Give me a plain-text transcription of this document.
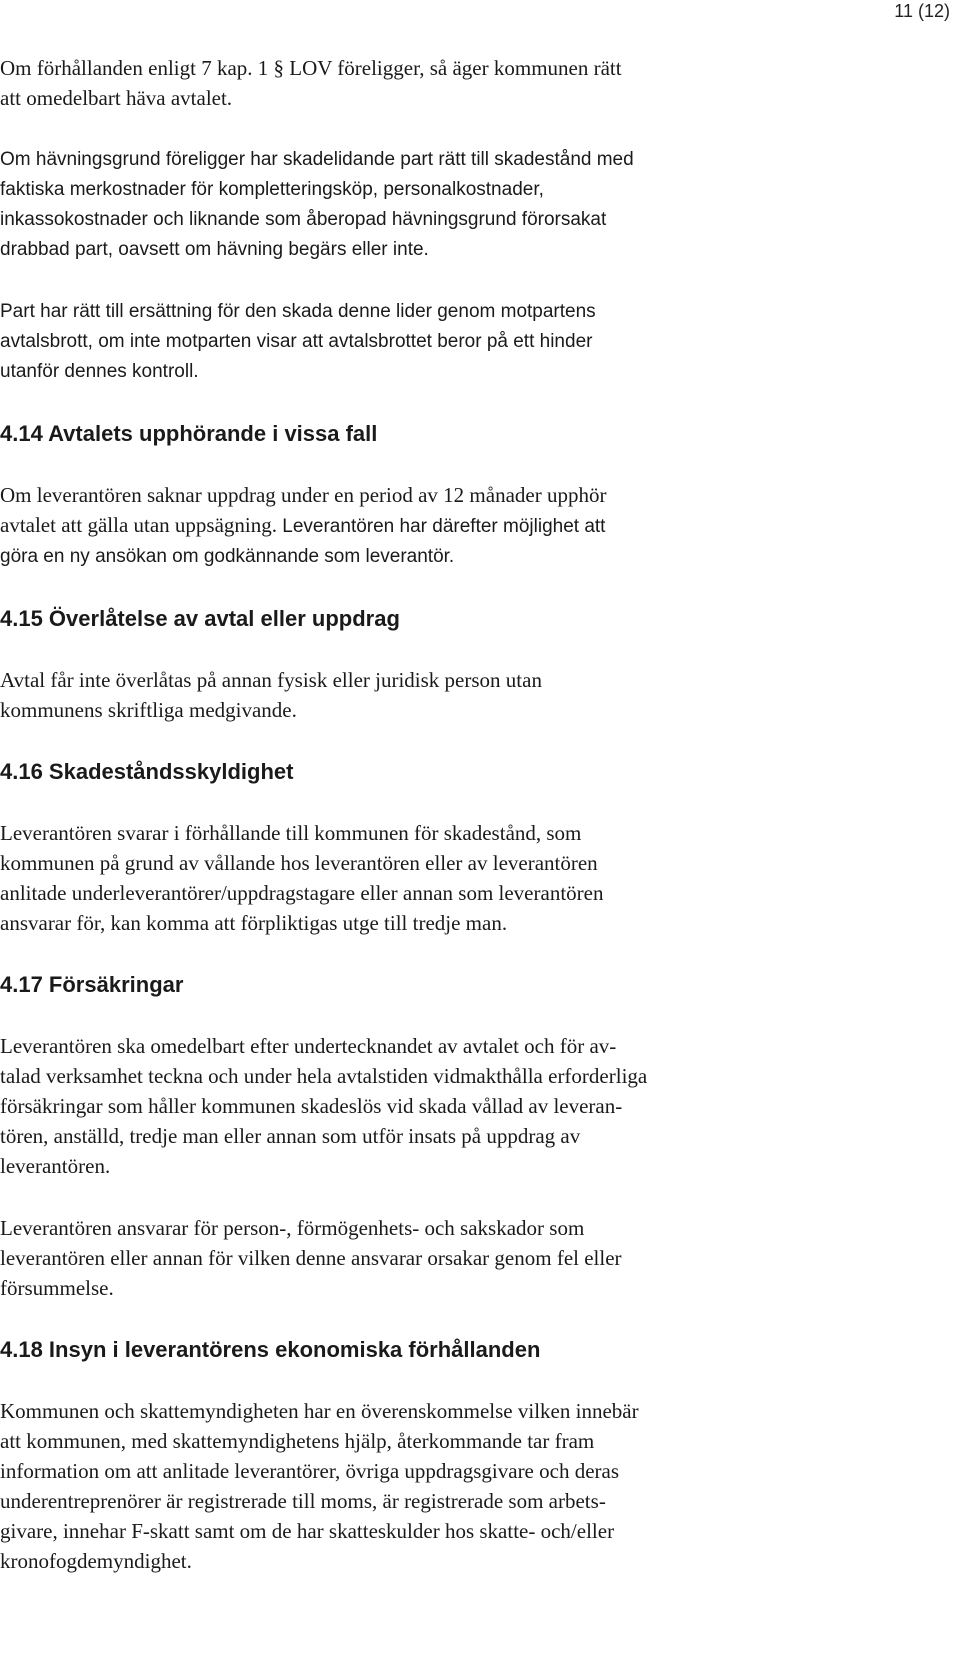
11 (12)

Om förhållanden enligt 7 kap. 1 § LOV föreligger, så äger kommunen rätt
att omedelbart häva avtalet.

Om hävningsgrund föreligger har skadelidande part rätt till skadestånd med
faktiska merkostnader för kompletteringsköp, personalkostnader,
inkassokostnader och liknande som åberopad hävningsgrund förorsakat
drabbad part, oavsett om hävning begärs eller inte.

Part har rätt till ersättning för den skada denne lider genom motpartens
avtalsbrott, om inte motparten visar att avtalsbrottet beror på ett hinder
utanför dennes kontroll.

4.14 Avtalets upphörande i vissa fall

Om leverantören saknar uppdrag under en period av 12 månader upphör
avtalet att gälla utan uppsägning. Leverantören har därefter möjlighet att
göra en ny ansökan om godkännande som leverantör.

4.15 Överlåtelse av avtal eller uppdrag

Avtal får inte överlåtas på annan fysisk eller juridisk person utan
kommunens skriftliga medgivande.

4.16 Skadeståndsskyldighet

Leverantören svarar i förhållande till kommunen för skadestånd, som
kommunen på grund av vållande hos leverantören eller av leverantören
anlitade underleverantörer/uppdragstagare eller annan som leverantören
ansvarar för, kan komma att förpliktigas utge till tredje man.

4.17 Försäkringar

Leverantören ska omedelbart efter undertecknandet av avtalet och för av-
talad verksamhet teckna och under hela avtalstiden vidmakthålla erforderliga
försäkringar som håller kommunen skadeslös vid skada vållad av leveran-
tören, anställd, tredje man eller annan som utför insats på uppdrag av
leverantören.

Leverantören ansvarar för person-, förmögenhets- och sakskador som
leverantören eller annan för vilken denne ansvarar orsakar genom fel eller
försummelse.

4.18 Insyn i leverantörens ekonomiska förhållanden

Kommunen och skattemyndigheten har en överenskommelse vilken innebär
att kommunen, med skattemyndighetens hjälp, återkommande tar fram
information om att anlitade leverantörer, övriga uppdragsgivare och deras
underentreprenörer är registrerade till moms, är registrerade som arbets-
givare, innehar F-skatt samt om de har skatteskulder hos skatte- och/eller
kronofogdemyndighet.
